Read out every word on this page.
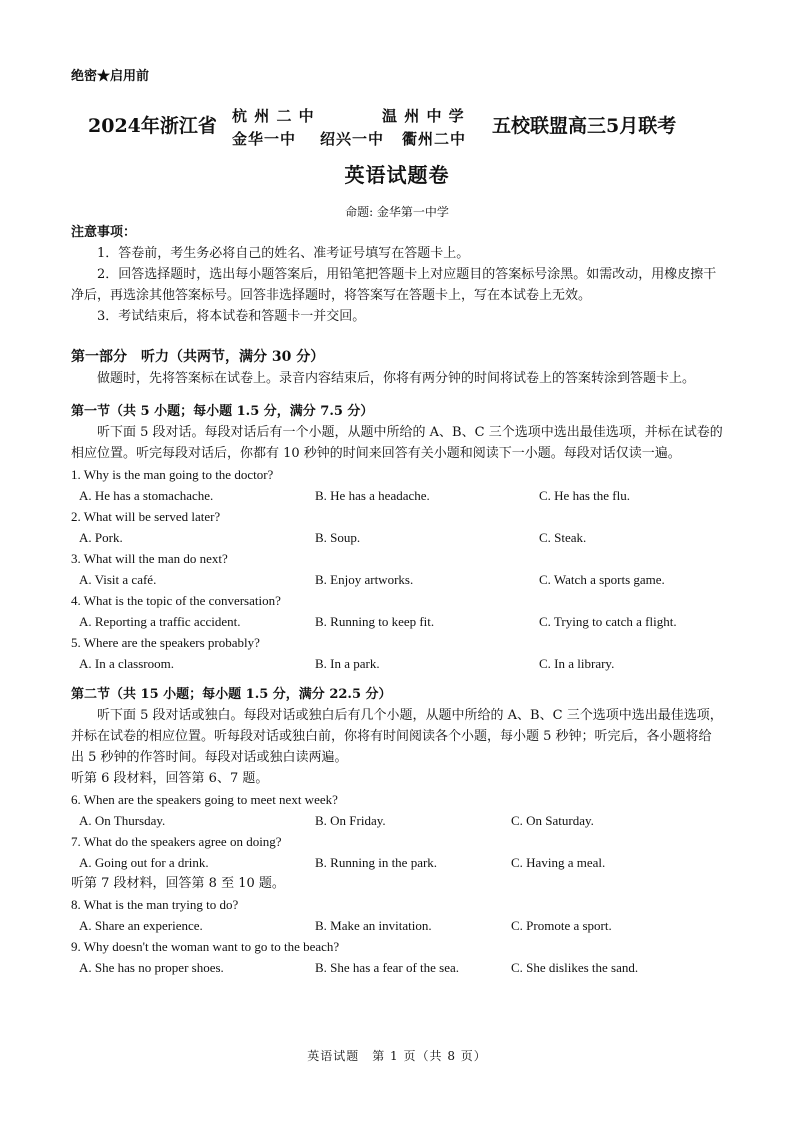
绝密★启用前
2024年浙江省 杭 州 二 中	温 州 中 学
金华一中 绍兴一中 衢州二中
五校联盟高三5月联考
英语试题卷
命题: 金华第一中学

注意事项：

1．答卷前，考生务必将自己的姓名、准考证号填写在答题卡上。

2．回答选择题时，选出每小题答案后，用铅笔把答题卡上对应题目的答案标号涂黑。如需改动，用橡皮擦干净后，再选涂其他答案标号。回答非选择题时，将答案写在答题卡上，写在本试卷上无效。

3．考试结束后，将本试卷和答题卡一并交回。

第一部分　听力（共两节，满分 30 分）

做题时，先将答案标在试卷上。录音内容结束后，你将有两分钟的时间将试卷上的答案转涂到答题卡上。

第一节（共 5 小题；每小题 1.5 分，满分 7.5 分）

听下面 5 段对话。每段对话后有一个小题，从题中所给的 A、B、C 三个选项中选出最佳选项，并标在试卷的相应位置。听完每段对话后，你都有 10 秒钟的时间来回答有关小题和阅读下一小题。每段对话仅读一遍。

1. Why is the man going to the doctor?

A. He has a stomachache.	B. He has a headache.	C. He has the flu.

2. What will be served later?

A. Pork.	B. Soup.	C. Steak.

3. What will the man do next?

A. Visit a café.	B. Enjoy artworks.	C. Watch a sports game.

4. What is the topic of the conversation?

A. Reporting a traffic accident.	B. Running to keep fit.	C. Trying to catch a flight.

5. Where are the speakers probably?

A. In a classroom.	B. In a park.	C. In a library.

第二节（共 15 小题；每小题 1.5 分，满分 22.5 分）

听下面 5 段对话或独白。每段对话或独白后有几个小题，从题中所给的 A、B、C 三个选项中选出最佳选项，并标在试卷的相应位置。听每段对话或独白前，你将有时间阅读各个小题，每小题 5 秒钟；听完后，各小题将给出 5 秒钟的作答时间。每段对话或独白读两遍。

听第 6 段材料，回答第 6、7 题。

6. When are the speakers going to meet next week?

A. On Thursday.	B. On Friday.	C. On Saturday.

7. What do the speakers agree on doing?

A. Going out for a drink.	B. Running in the park.	C. Having a meal.

听第 7 段材料，回答第 8 至 10 题。

8. What is the man trying to do?

A. Share an experience.	B. Make an invitation.	C. Promote a sport.

9. Why doesn't the woman want to go to the beach?

A. She has no proper shoes.	B. She has a fear of the sea.	C. She dislikes the sand.
英语试题　第 1 页（共 8 页）
